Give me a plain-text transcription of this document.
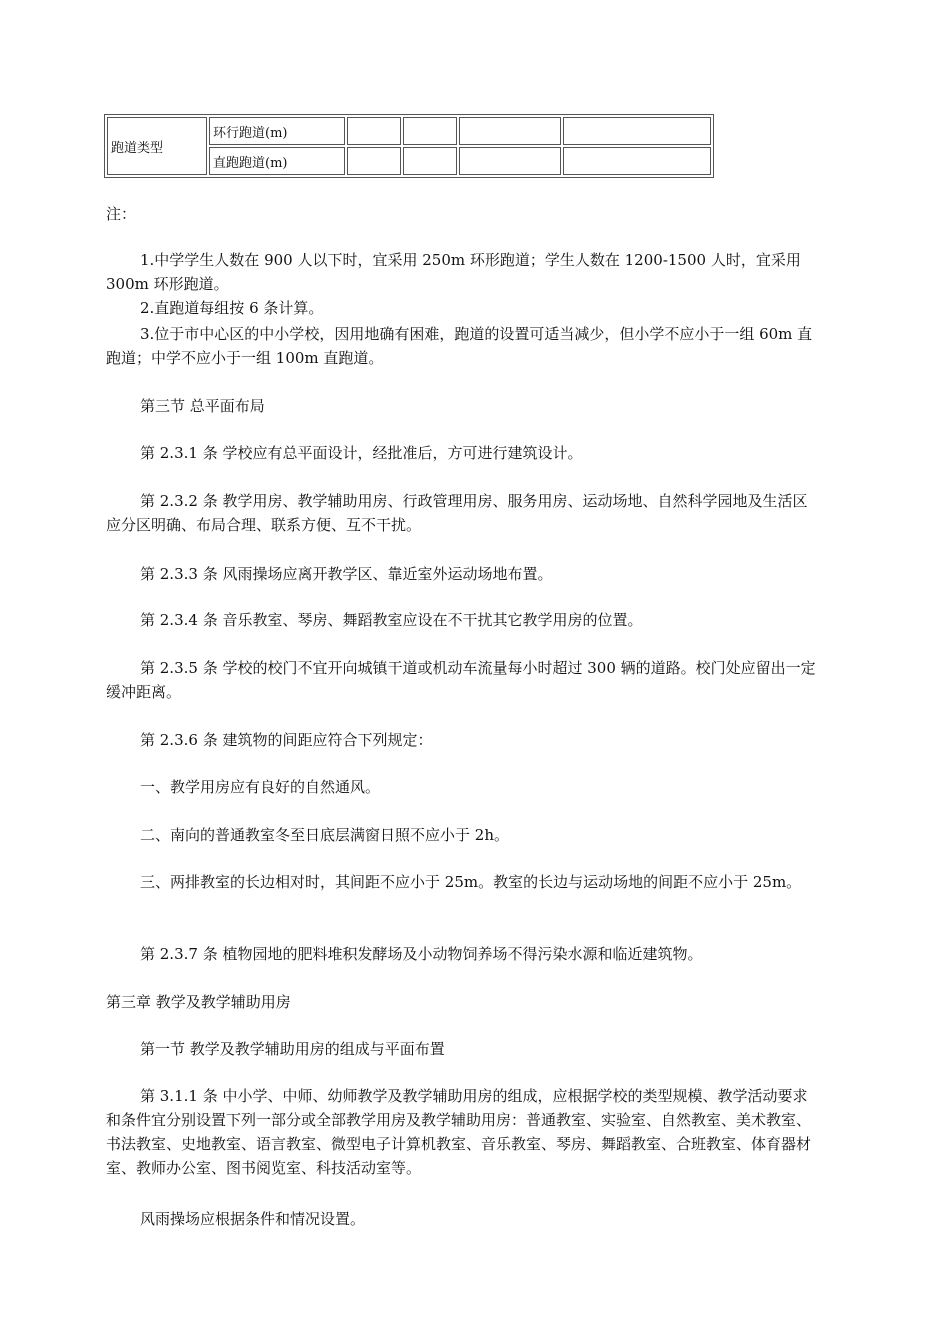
跑道类型	环行跑道(m)				
	直跑跑道(m)				

注：

1.中学学生人数在 900 人以下时，宜采用 250m 环形跑道；学生人数在 1200-1500 人时，宜采用 300m 环形跑道。

2.直跑道每组按 6 条计算。

3.位于市中心区的中小学校，因用地确有困难，跑道的设置可适当减少，但小学不应小于一组 60m 直跑道；中学不应小于一组 100m 直跑道。

第三节 总平面布局

第 2.3.1 条 学校应有总平面设计，经批准后，方可进行建筑设计。

第 2.3.2 条 教学用房、教学辅助用房、行政管理用房、服务用房、运动场地、自然科学园地及生活区应分区明确、布局合理、联系方便、互不干扰。

第 2.3.3 条 风雨操场应离开教学区、靠近室外运动场地布置。

第 2.3.4 条 音乐教室、琴房、舞蹈教室应设在不干扰其它教学用房的位置。

第 2.3.5 条 学校的校门不宜开向城镇干道或机动车流量每小时超过 300 辆的道路。校门处应留出一定缓冲距离。

第 2.3.6 条 建筑物的间距应符合下列规定：

一、教学用房应有良好的自然通风。

二、南向的普通教室冬至日底层满窗日照不应小于 2h。

三、两排教室的长边相对时，其间距不应小于 25m。教室的长边与运动场地的间距不应小于 25m。

第 2.3.7 条 植物园地的肥料堆积发酵场及小动物饲养场不得污染水源和临近建筑物。

第三章 教学及教学辅助用房

第一节 教学及教学辅助用房的组成与平面布置

第 3.1.1 条 中小学、中师、幼师教学及教学辅助用房的组成，应根据学校的类型规模、教学活动要求和条件宜分别设置下列一部分或全部教学用房及教学辅助用房：普通教室、实验室、自然教室、美术教室、书法教室、史地教室、语言教室、微型电子计算机教室、音乐教室、琴房、舞蹈教室、合班教室、体育器材室、教师办公室、图书阅览室、科技活动室等。

风雨操场应根据条件和情况设置。
